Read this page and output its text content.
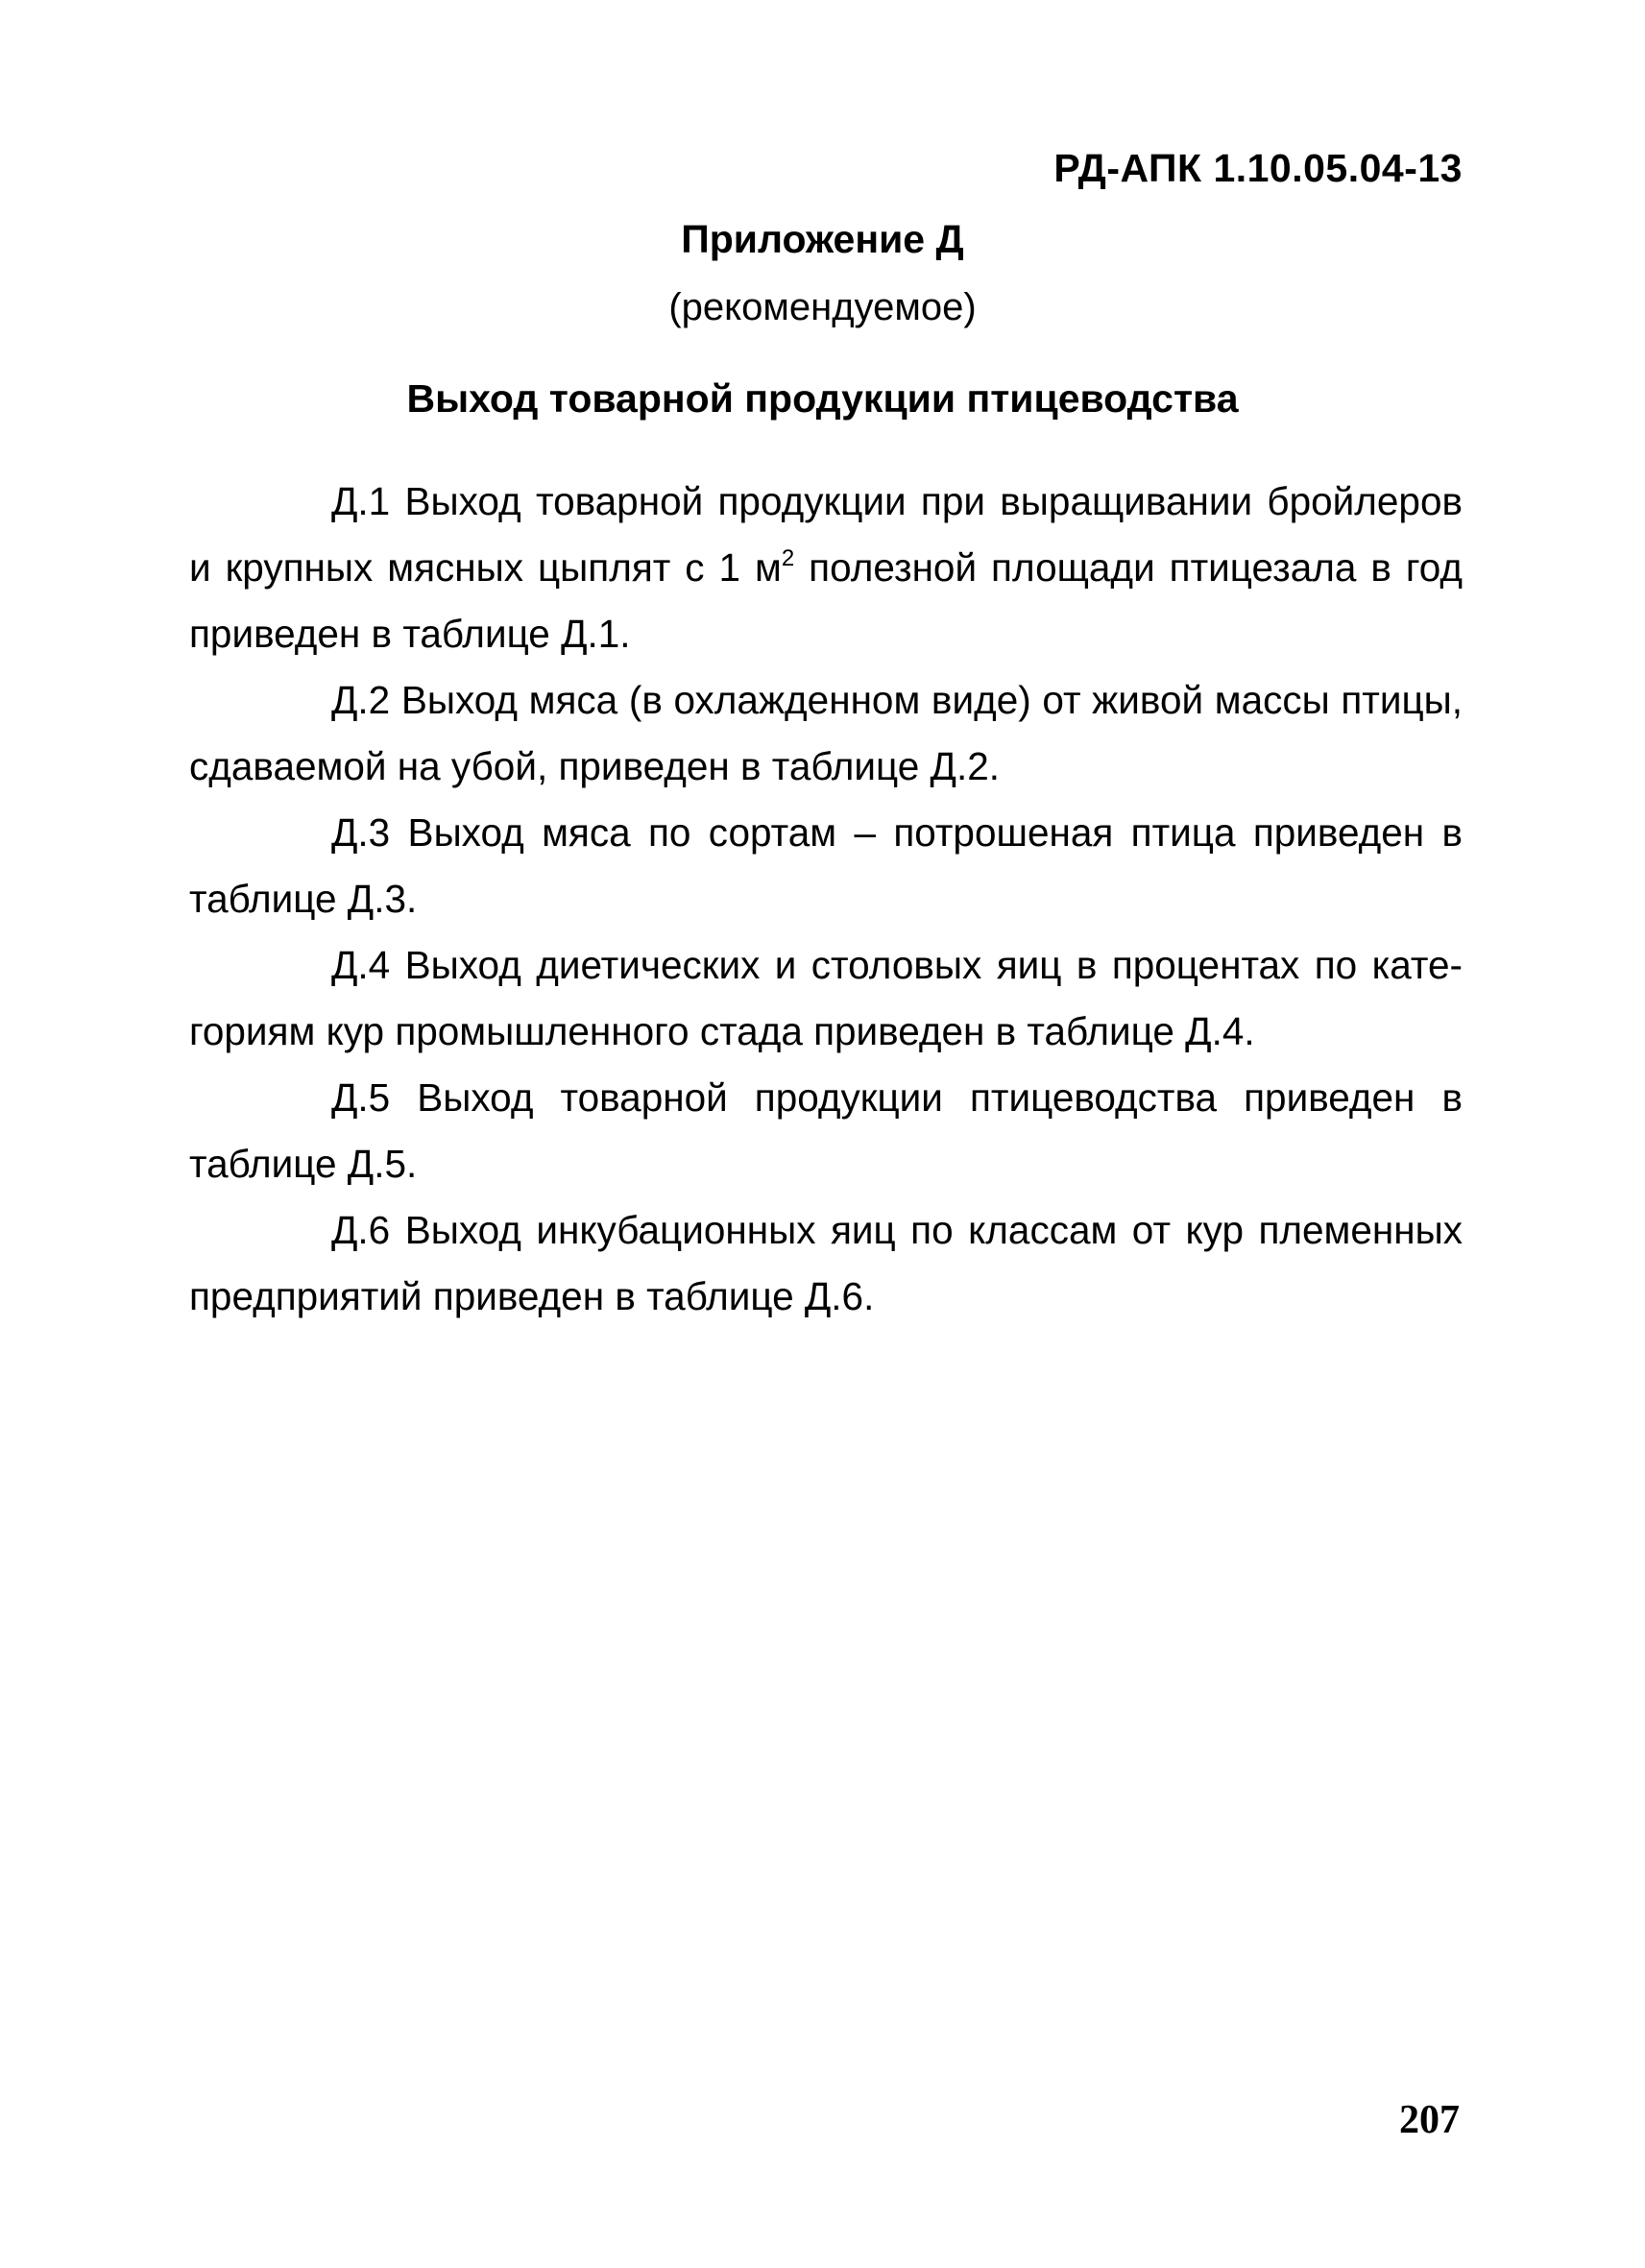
РД-АПК 1.10.05.04-13
Приложение Д
(рекомендуемое)
Выход товарной продукции птицеводства

Д.1 Выход товарной продукции при выращивании бройлеров и крупных мясных цыплят с 1 $м^2$ полезной площади птицезала в год приведен в таблице Д.1.

Д.2 Выход мяса (в охлажденном виде) от живой массы птицы, сдаваемой на убой, приведен в таблице Д.2.

Д.3 Выход мяса по сортам – потрошеная птица приведен в таблице Д.3.

Д.4 Выход диетических и столовых яиц в процентах по категориям кур промышленного стада приведен в таблице Д.4.

Д.5 Выход товарной продукции птицеводства приведен в таблице Д.5.

Д.6 Выход инкубационных яиц по классам от кур племенных предприятий приведен в таблице Д.6.

207
